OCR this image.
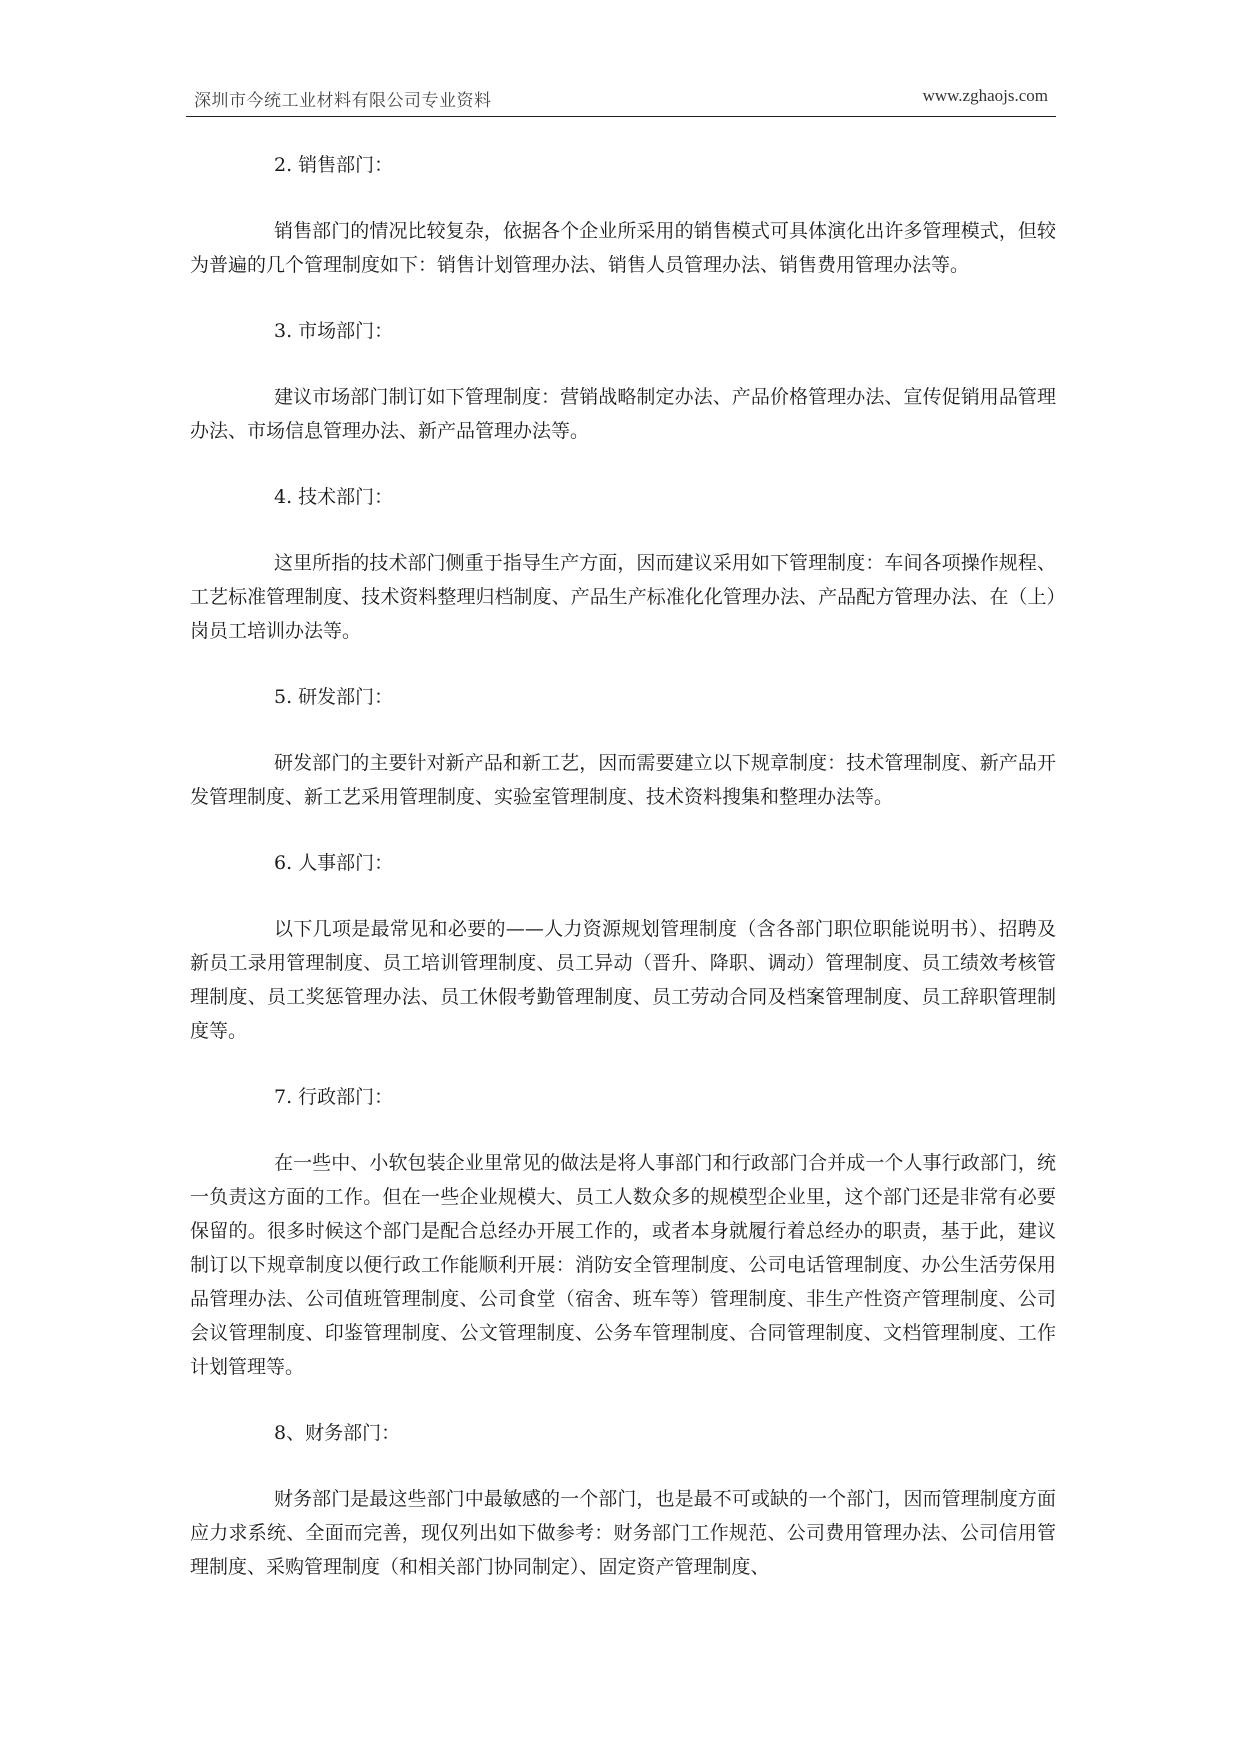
深圳市今统工业材料有限公司专业资料	www.zghaojs.com
2. 销售部门：

销售部门的情况比较复杂，依据各个企业所采用的销售模式可具体演化出许多管理模式，但较为普遍的几个管理制度如下：销售计划管理办法、销售人员管理办法、销售费用管理办法等。

3. 市场部门：

建议市场部门制订如下管理制度：营销战略制定办法、产品价格管理办法、宣传促销用品管理办法、市场信息管理办法、新产品管理办法等。

4. 技术部门：

这里所指的技术部门侧重于指导生产方面，因而建议采用如下管理制度：车间各项操作规程、工艺标准管理制度、技术资料整理归档制度、产品生产标准化化管理办法、产品配方管理办法、在（上）岗员工培训办法等。

5. 研发部门：

研发部门的主要针对新产品和新工艺，因而需要建立以下规章制度：技术管理制度、新产品开发管理制度、新工艺采用管理制度、实验室管理制度、技术资料搜集和整理办法等。

6. 人事部门：

以下几项是最常见和必要的——人力资源规划管理制度（含各部门职位职能说明书）、招聘及新员工录用管理制度、员工培训管理制度、员工异动（晋升、降职、调动）管理制度、员工绩效考核管理制度、员工奖惩管理办法、员工休假考勤管理制度、员工劳动合同及档案管理制度、员工辞职管理制度等。

7. 行政部门：

在一些中、小软包装企业里常见的做法是将人事部门和行政部门合并成一个人事行政部门，统一负责这方面的工作。但在一些企业规模大、员工人数众多的规模型企业里，这个部门还是非常有必要保留的。很多时候这个部门是配合总经办开展工作的，或者本身就履行着总经办的职责，基于此，建议制订以下规章制度以便行政工作能顺利开展：消防安全管理制度、公司电话管理制度、办公生活劳保用品管理办法、公司值班管理制度、公司食堂（宿舍、班车等）管理制度、非生产性资产管理制度、公司会议管理制度、印鉴管理制度、公文管理制度、公务车管理制度、合同管理制度、文档管理制度、工作计划管理等。

8、财务部门：

财务部门是最这些部门中最敏感的一个部门，也是最不可或缺的一个部门，因而管理制度方面应力求系统、全面而完善，现仅列出如下做参考：财务部门工作规范、公司费用管理办法、公司信用管理制度、采购管理制度（和相关部门协同制定）、固定资产管理制度、
